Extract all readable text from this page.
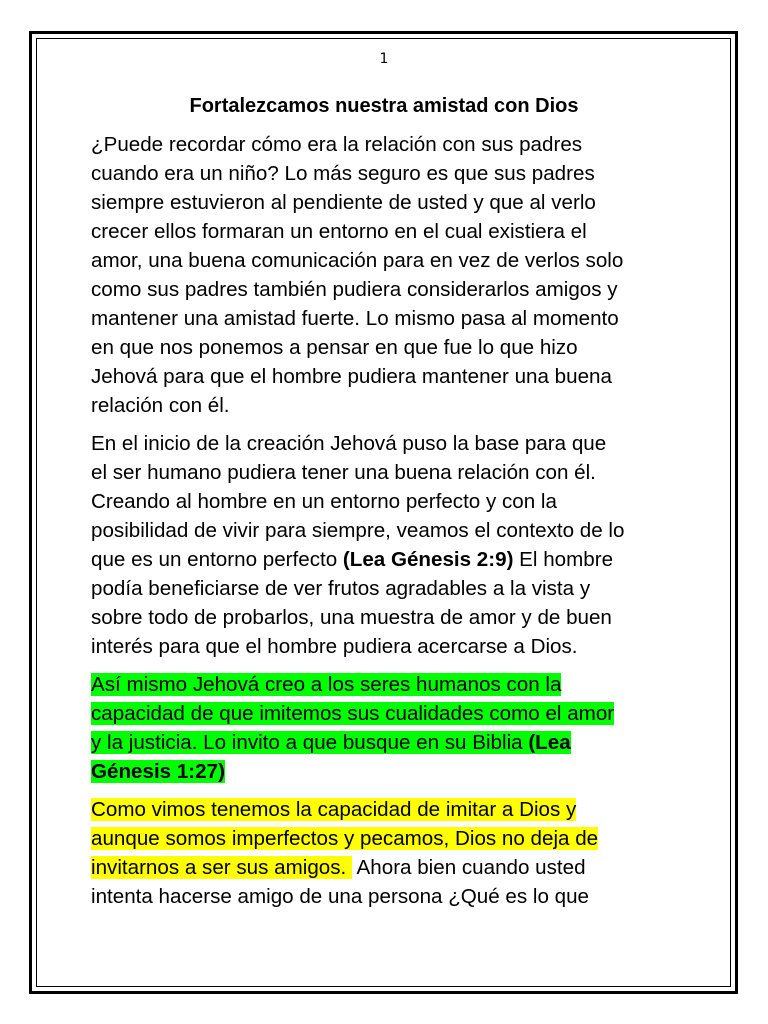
1
Fortalezcamos nuestra amistad con Dios

¿Puede recordar cómo era la relación con sus padres
cuando era un niño? Lo más seguro es que sus padres
siempre estuvieron al pendiente de usted y que al verlo
crecer ellos formaran un entorno en el cual existiera el
amor, una buena comunicación para en vez de verlos solo
como sus padres también pudiera considerarlos amigos y
mantener una amistad fuerte. Lo mismo pasa al momento
en que nos ponemos a pensar en que fue lo que hizo
Jehová para que el hombre pudiera mantener una buena
relación con él.

En el inicio de la creación Jehová puso la base para que
el ser humano pudiera tener una buena relación con él.
Creando al hombre en un entorno perfecto y con la
posibilidad de vivir para siempre, veamos el contexto de lo
que es un entorno perfecto (Lea Génesis 2:9) El hombre
podía beneficiarse de ver frutos agradables a la vista y
sobre todo de probarlos, una muestra de amor y de buen
interés para que el hombre pudiera acercarse a Dios.

Así mismo Jehová creo a los seres humanos con la
capacidad de que imitemos sus cualidades como el amor
y la justicia. Lo invito a que busque en su Biblia (Lea
Génesis 1:27)

Como vimos tenemos la capacidad de imitar a Dios y
aunque somos imperfectos y pecamos, Dios no deja de
invitarnos a ser sus amigos.  Ahora bien cuando usted
intenta hacerse amigo de una persona ¿Qué es lo que
